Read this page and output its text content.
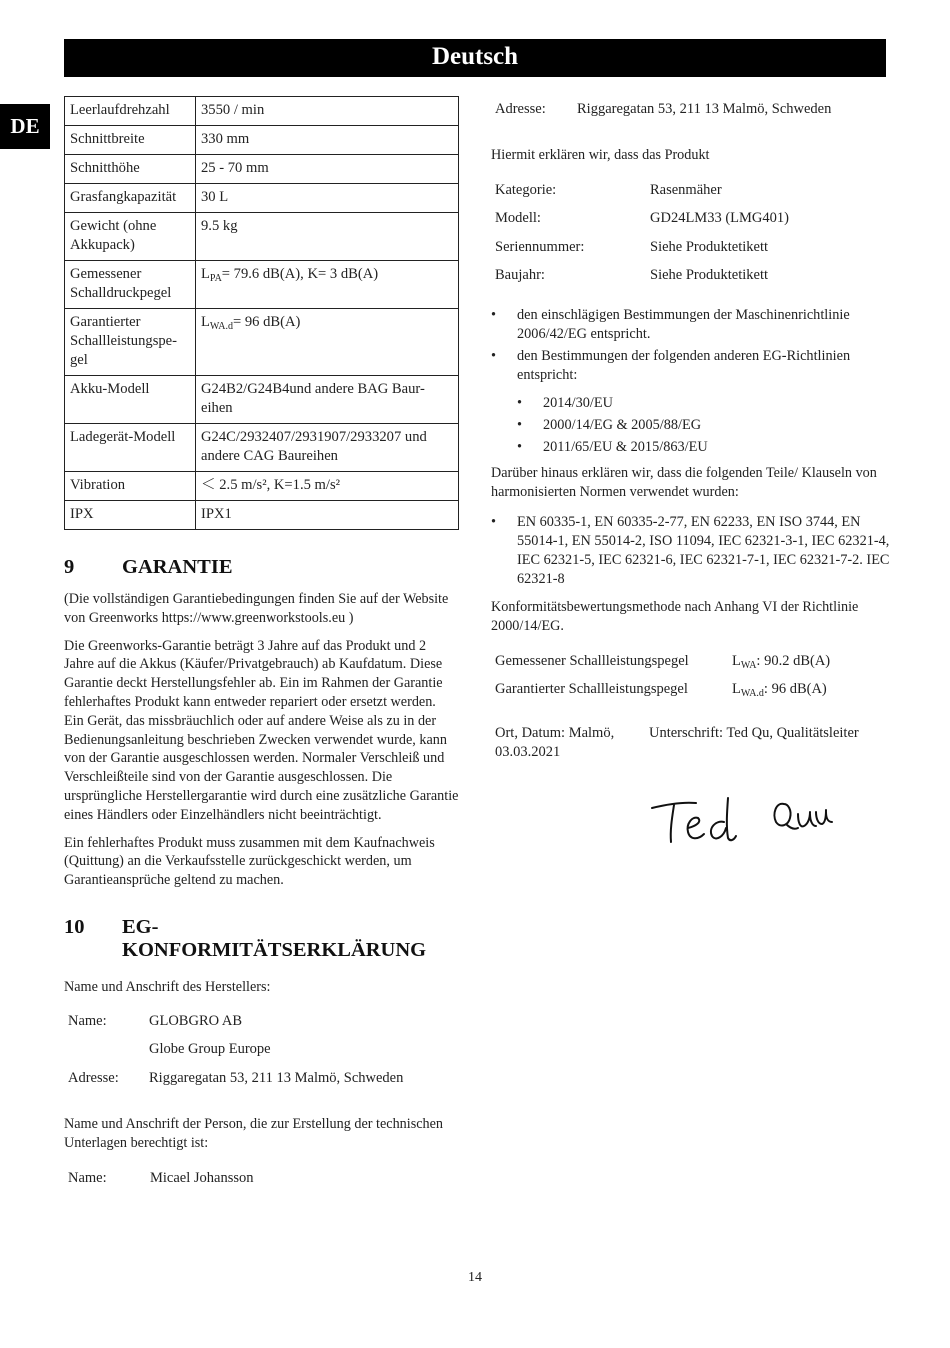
Deutsch
DE
Leerlaufdrehzahl	3550 / min
Schnittbreite	330 mm
Schnitthöhe	25 - 70 mm
Grasfangkapazität	30 L
Gewicht (ohne Akkupack)	9.5 kg
Gemessener Schalldruckpegel	$L_{PA}= 79.6$ dB(A), K= 3 dB(A)
Garantierter Schallleistungspe-gel	$L_{WA.d}= 96$ dB(A)
Akku-Modell	G24B2/G24B4und andere BAG Baur-eihen
Ladegerät-Modell	G24C/2932407/2931907/2933207 und andere CAG Baureihen
Vibration	＜ 2.5 m/s², K=1.5 m/s²
IPX	IPX1
9	GARANTIE

(Die vollständigen Garantiebedingungen finden Sie auf der Website von Greenworks https://www.greenworkstools.eu )

Die Greenworks-Garantie beträgt 3 Jahre auf das Produkt und 2 Jahre auf die Akkus (Käufer/Privatgebrauch) ab Kaufdatum. Diese Garantie deckt Herstellungsfehler ab. Ein im Rahmen der Garantie fehlerhaftes Produkt kann entweder repariert oder ersetzt werden. Ein Gerät, das missbräuchlich oder auf andere Weise als zu in der Bedienungsanleitung beschrieben Zwecken verwendet wurde, kann von der Garantie ausgeschlossen werden. Normaler Verschleiß und Verschleißteile sind von der Garantie ausgeschlossen. Die ursprüngliche Herstellergarantie wird durch eine zusätzliche Garantie eines Händlers oder Einzelhändlers nicht beeinträchtigt.

Ein fehlerhaftes Produkt muss zusammen mit dem Kaufnachweis (Quittung) an die Verkaufsstelle zurückgeschickt werden, um Garantieansprüche geltend zu machen.

10	EG-
KONFORMITÄTSERKLÄRUNG

Name und Anschrift des Herstellers:

Name:	GLOBGRO AB
Globe Group Europe
Adresse:	Riggaregatan 53, 211 13 Malmö, Schweden

Name und Anschrift der Person, die zur Erstellung der technischen Unterlagen berechtigt ist:

Name:	Micael Johansson
Adresse:	Riggaregatan 53, 211 13 Malmö, Schweden

Hiermit erklären wir, dass das Produkt

Kategorie:	Rasenmäher
Modell:	GD24LM33 (LMG401)
Seriennummer:	Siehe Produktetikett
Baujahr:	Siehe Produktetikett
• den einschlägigen Bestimmungen der Maschinenrichtlinie 2006/42/EG entspricht.
• den Bestimmungen der folgenden anderen EG-Richtlinien entspricht:
• 2014/30/EU
• 2000/14/EG & 2005/88/EG
• 2011/65/EU & 2015/863/EU

Darüber hinaus erklären wir, dass die folgenden Teile/ Klauseln von harmonisierten Normen verwendet wurden:

• EN 60335-1, EN 60335-2-77, EN 62233, EN ISO 3744, EN 55014-1, EN 55014-2, ISO 11094, IEC 62321-3-1, IEC 62321-4, IEC 62321-5, IEC 62321-6, IEC 62321-7-1, IEC 62321-7-2. IEC 62321-8

Konformitätsbewertungsmethode nach Anhang VI der Richtlinie 2000/14/EG.

Gemessener Schallleistungspegel	$L_{WA}$: 90.2 dB(A)
Garantierter Schallleistungspegel	$L_{WA.d}$: 96 dB(A)
Ort, Datum: Malmö, 03.03.2021
Unterschrift: Ted Qu, Qualitätsleiter
14
